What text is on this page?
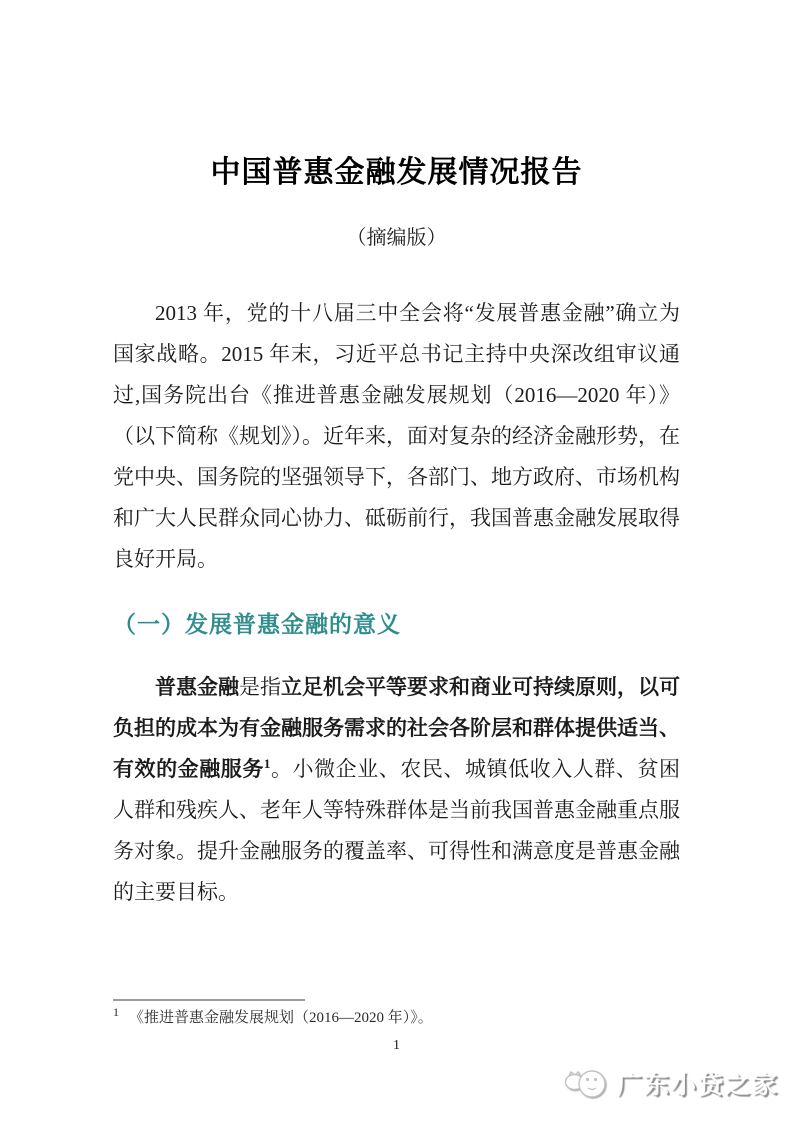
中国普惠金融发展情况报告
（摘编版）

2013 年，党的十八届三中全会将“发展普惠金融”确立为国家战略。2015 年末，习近平总书记主持中央深改组审议通过,国务院出台《推进普惠金融发展规划（2016—2020 年）》（以下简称《规划》）。近年来，面对复杂的经济金融形势，在党中央、国务院的坚强领导下，各部门、地方政府、市场机构和广大人民群众同心协力、砥砺前行，我国普惠金融发展取得良好开局。

（一）发展普惠金融的意义

普惠金融是指立足机会平等要求和商业可持续原则，以可负担的成本为有金融服务需求的社会各阶层和群体提供适当、有效的金融服务$^1$。小微企业、农民、城镇低收入人群、贫困人群和残疾人、老年人等特殊群体是当前我国普惠金融重点服务对象。提升金融服务的覆盖率、可得性和满意度是普惠金融的主要目标。

$^1$ 《推进普惠金融发展规划（2016—2020 年）》。
1
广东小贷之家
